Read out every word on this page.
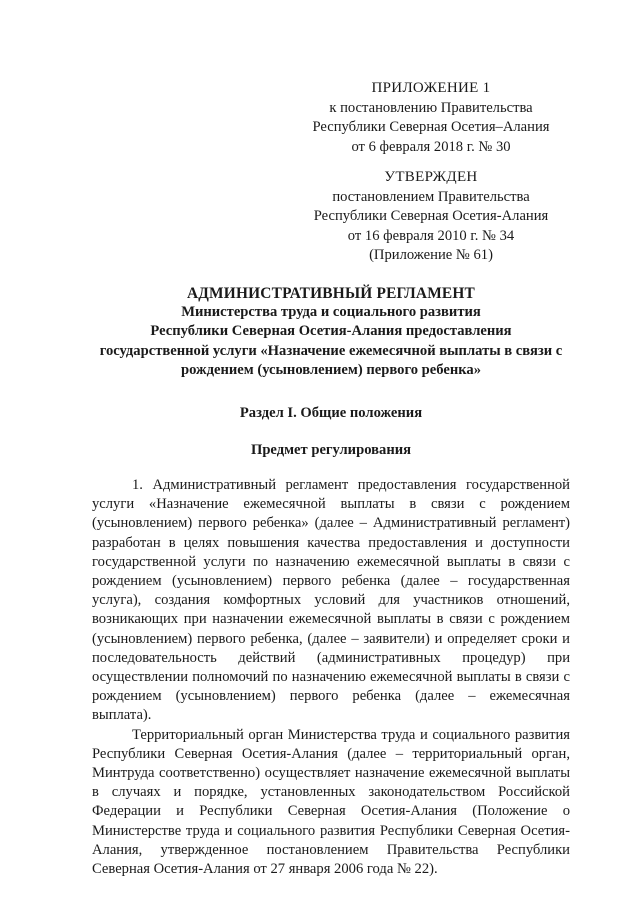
ПРИЛОЖЕНИЕ 1
к постановлению Правительства
Республики Северная Осетия–Алания
от 6 февраля 2018 г. № 30
УТВЕРЖДЕН
постановлением Правительства
Республики Северная Осетия-Алания
от 16 февраля 2010 г. № 34
(Приложение № 61)
АДМИНИСТРАТИВНЫЙ РЕГЛАМЕНТ
Министерства труда и социального развития
Республики Северная Осетия-Алания предоставления
государственной услуги «Назначение ежемесячной выплаты в связи с
рождением (усыновлением) первого ребенка»
Раздел I. Общие положения
Предмет регулирования

1. Административный регламент предоставления государственной услуги «Назначение ежемесячной выплаты в связи с рождением (усыновлением) первого ребенка» (далее – Административный регламент) разработан в целях повышения качества предоставления и доступности государственной услуги по назначению ежемесячной выплаты в связи с рождением (усыновлением) первого ребенка (далее – государственная услуга), создания комфортных условий для участников отношений, возникающих при назначении ежемесячной выплаты в связи с рождением (усыновлением) первого ребенка, (далее – заявители) и определяет сроки и последовательность действий (административных процедур) при осуществлении полномочий по назначению ежемесячной выплаты в связи с рождением (усыновлением) первого ребенка (далее – ежемесячная выплата).

Территориальный орган Министерства труда и социального развития Республики Северная Осетия-Алания (далее – территориальный орган, Минтруда соответственно) осуществляет назначение ежемесячной выплаты в случаях и порядке, установленных законодательством Российской Федерации и Республики Северная Осетия-Алания (Положение о Министерстве труда и социального развития Республики Северная Осетия-Алания, утвержденное постановлением Правительства Республики Северная Осетия-Алания от 27 января 2006 года № 22).
